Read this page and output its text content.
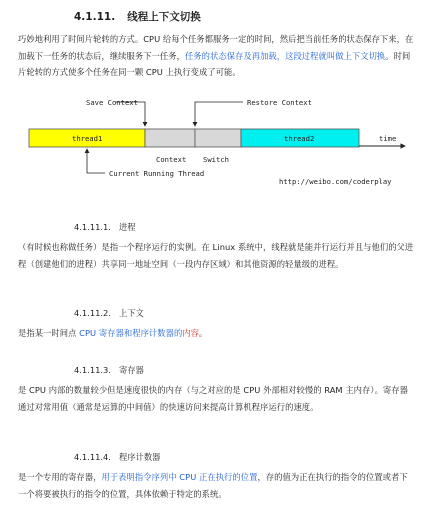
4.1.11. 线程上下文切换
巧妙地利用了时间片轮转的方式。CPU 给每个任务都服务一定的时间，然后把当前任务的状态保存下来，在加载下一任务的状态后，继续服务下一任务，任务的状态保存及再加载，这段过程就叫做上下文切换。时间片轮转的方式使多个任务在同一颗 CPU 上执行变成了可能。
Save Context	Restore Context
thread1	thread2	time
Context Switch
Current Running Thread
http://weibo.com/coderplay
4.1.11.1. 进程
（有时候也称做任务）是指一个程序运行的实例。在 Linux 系统中，线程就是能并行运行并且与他们的父进程（创建他们的进程）共享同一地址空间（一段内存区域）和其他资源的轻量级的进程。
4.1.11.2. 上下文
是指某一时间点 CPU 寄存器和程序计数器的内容。
4.1.11.3. 寄存器
是 CPU 内部的数量较少但是速度很快的内存（与之对应的是 CPU 外部相对较慢的 RAM 主内存）。寄存器通过对常用值（通常是运算的中间值）的快速访问来提高计算机程序运行的速度。
4.1.11.4. 程序计数器
是一个专用的寄存器，用于表明指令序列中 CPU 正在执行的位置，存的值为正在执行的指令的位置或者下一个将要被执行的指令的位置，具体依赖于特定的系统。
